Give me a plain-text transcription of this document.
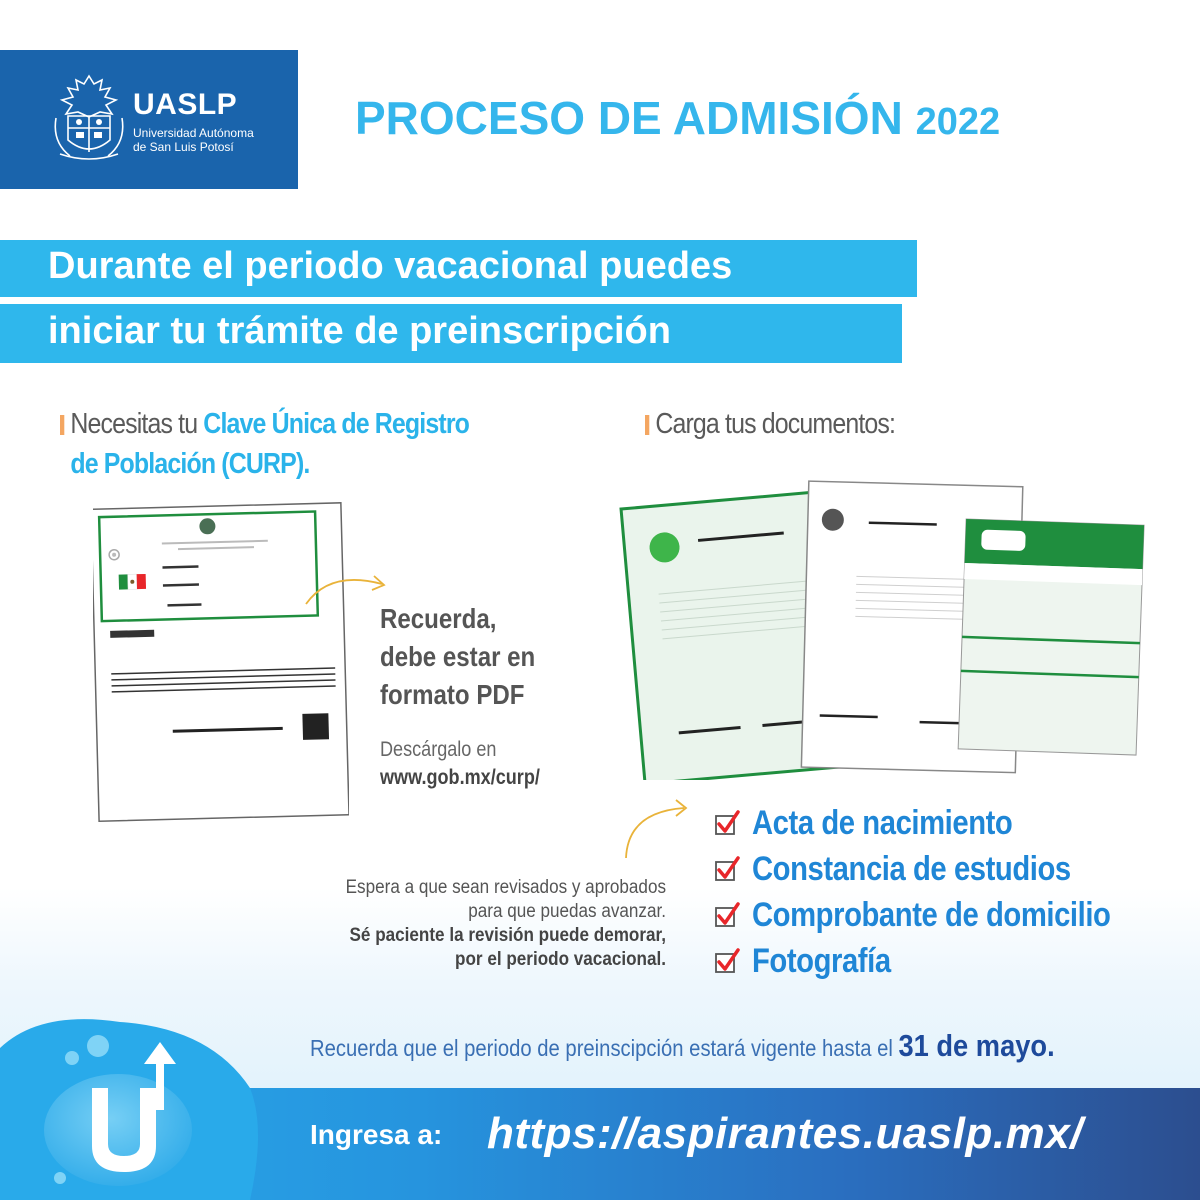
UASLP
Universidad Autónoma
de San Luis Potosí
PROCESO DE ADMISIÓN 2022
Durante el periodo vacacional puedes
iniciar tu trámite de preinscripción
Necesitas tu Clave Única de Registro
de Población (CURP).
Carga tus documentos:
Recuerda,
debe estar en
formato PDF
Descárgalo en
www.gob.mx/curp/
Acta de nacimiento
Constancia de estudios
Comprobante de domicilio
Fotografía
Espera a que sean revisados y aprobados
para que puedas avanzar.
Sé paciente la revisión puede demorar,
por el periodo vacacional.
Recuerda que el periodo de preinscipción estará vigente hasta el 31 de mayo.
Ingresa a: https://aspirantes.uaslp.mx/
